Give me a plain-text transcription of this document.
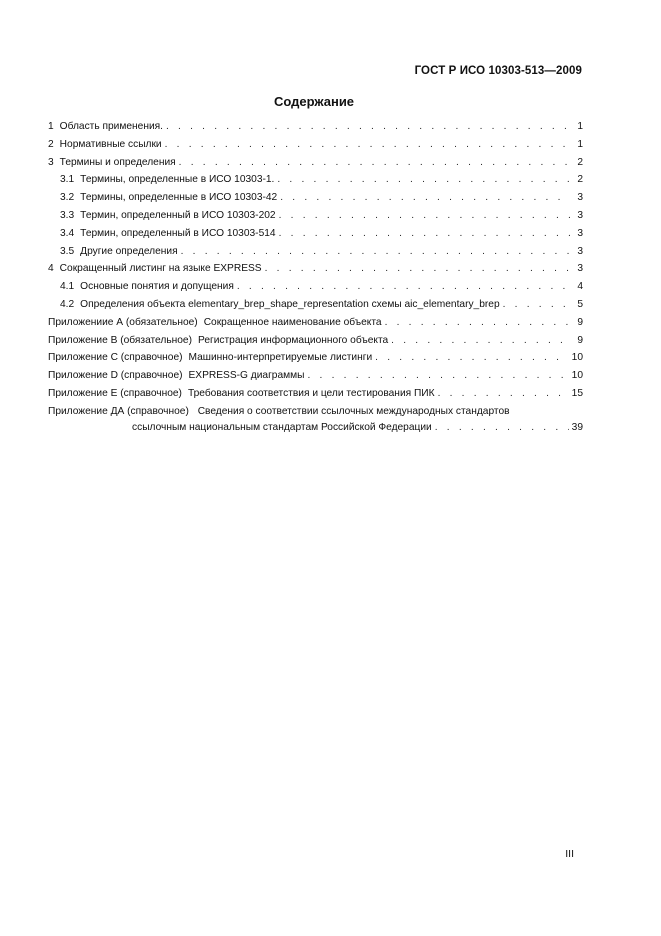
ГОСТ Р ИСО 10303-513—2009
Содержание
1 Область применения. . . .	1
2 Нормативные ссылки . . .	1
3 Термины и определения . . .	2
3.1 Термины, определенные в ИСО 10303-1. . . .	2
3.2 Термины, определенные в ИСО 10303-42 . . .	3
3.3 Термин, определенный в ИСО 10303-202 . . .	3
3.4 Термин, определенный в ИСО 10303-514 . . .	3
3.5 Другие определения . . .	3
4 Сокращенный листинг на языке EXPRESS . . .	3
4.1 Основные понятия и допущения . . .	4
4.2 Определения объекта elementary_brep_shape_representation схемы aic_elementary_brep . . .	5
Приложениие А (обязательное) Сокращенное наименование объекта . . .	9
Приложение В (обязательное) Регистрация информационного объекта . . .	9
Приложение С (справочное) Машинно-интерпретируемые листинги . . .	10
Приложение D (справочное) EXPRESS-G диаграммы . . .	10
Приложение Е (справочное) Требования соответствия и цели тестирования ПИК . . .	15
Приложение ДА (справочное) Сведения о соответствии ссылочных международных стандартов
ссылочным национальным стандартам Российской Федерации . . .	39
III
